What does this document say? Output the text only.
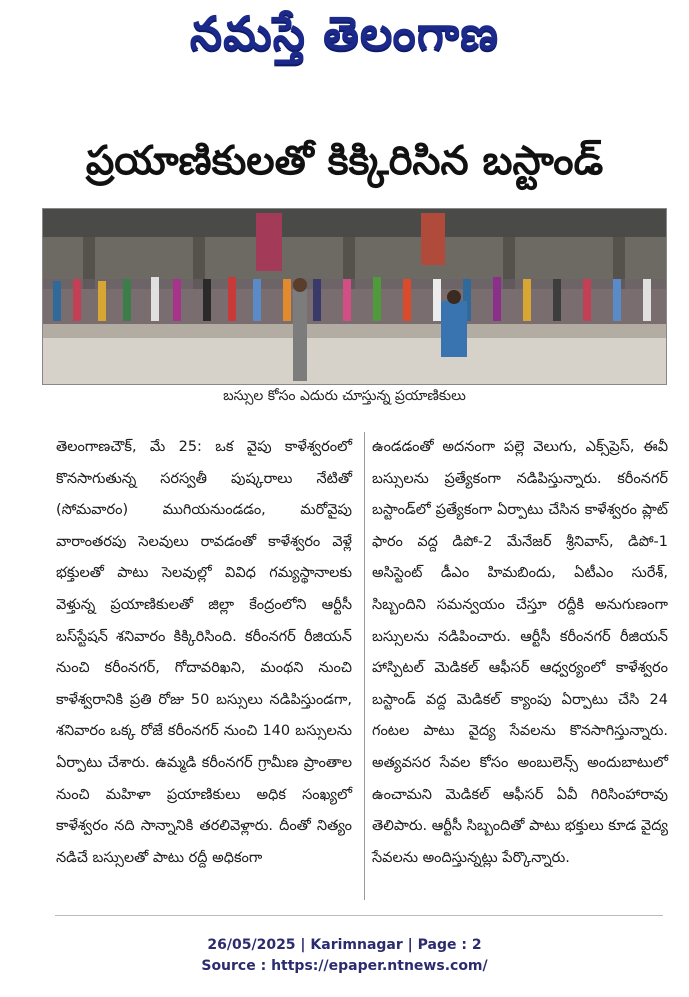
నమస్తే తెలంగాణ
ప్రయాణికులతో కిక్కిరిసిన బస్టాండ్
బస్సుల కోసం ఎదురు చూస్తున్న ప్రయాణికులు
తెలంగాణచౌక్, మే 25: ఒక వైపు కాళేశ్వరంలో కొనసాగుతున్న సరస్వతీ పుష్కరాలు నేటితో (సోమవారం) ముగియనుండడం, మరోవైపు వారాంతరపు సెలవులు రావడంతో కాళేశ్వరం వెళ్లే భక్తులతో పాటు సెలవుల్లో వివిధ గమ్యస్థానాలకు వెళ్తున్న ప్రయాణికులతో జిల్లా కేంద్రంలోని ఆర్టీసీ బస్‌స్టేషన్ శనివారం కిక్కిరిసింది. కరీంనగర్ రీజియన్ నుంచి కరీంనగర్, గోదావరిఖని, మంథని నుంచి కాళేశ్వరానికి ప్రతి రోజు 50 బస్సులు నడిపిస్తుండగా, శనివారం ఒక్క రోజే కరీంనగర్ నుంచి 140 బస్సులను ఏర్పాటు చేశారు. ఉమ్మడి కరీంనగర్ గ్రామీణ ప్రాంతాల నుంచి మహిళా ప్రయాణికులు అధిక సంఖ్యలో కాళేశ్వరం నది సాన్నానికి తరలివెళ్లారు. దీంతో నిత్యం నడిచే బస్సులతో పాటు రద్దీ అధికంగా
ఉండడంతో అదనంగా పల్లె వెలుగు, ఎక్స్‌ప్రెస్, ఈవీ బస్సులను ప్రత్యేకంగా నడిపిస్తున్నారు. కరీంనగర్ బస్టాండ్‌లో ప్రత్యేకంగా ఏర్పాటు చేసిన కాళేశ్వరం ప్లాట్ ఫారం వద్ద డిపో-2 మేనేజర్ శ్రీనివాస్, డిపో-1 అసిస్టెంట్ డీఎం హిమబిందు, ఏటీఎం సురేశ్, సిబ్బందిని సమన్వయం చేస్తూ రద్దీకి అనుగుణంగా బస్సులను నడిపించారు. ఆర్టీసీ కరీంనగర్ రీజియన్ హాస్పిటల్ మెడికల్ ఆఫీసర్ ఆధ్వర్యంలో కాళేశ్వరం బస్టాండ్ వద్ద మెడికల్ క్యాంపు ఏర్పాటు చేసి 24 గంటల పాటు వైద్య సేవలను కొనసాగిస్తున్నారు. అత్యవసర సేవల కోసం అంబులెన్స్ అందుబాటులో ఉంచామని మెడికల్ ఆఫీసర్ ఏవీ గిరిసింహారావు తెలిపారు. ఆర్టీసీ సిబ్బందితో పాటు భక్తులు కూడ వైద్య సేవలను అందిస్తున్నట్లు పేర్కొన్నారు.
26/05/2025 | Karimnagar | Page : 2
Source : https://epaper.ntnews.com/
